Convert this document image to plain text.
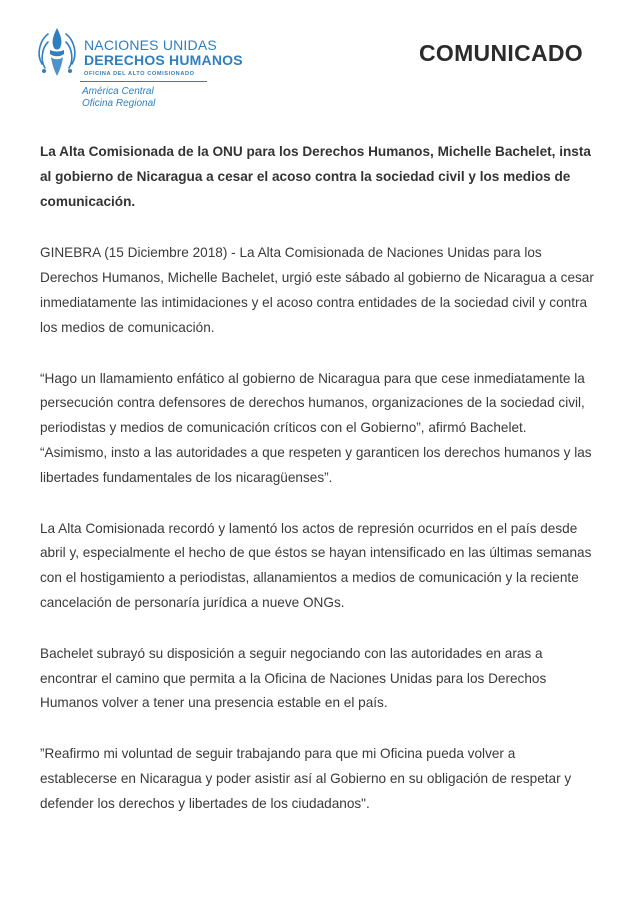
NACIONES UNIDAS
DERECHOS HUMANOS
OFICINA DEL ALTO COMISIONADO
América Central
Oficina Regional
COMUNICADO

La Alta Comisionada de la ONU para los Derechos Humanos, Michelle Bachelet, insta al gobierno de Nicaragua a cesar el acoso contra la sociedad civil y los medios de comunicación.

GINEBRA (15 Diciembre 2018) - La Alta Comisionada de Naciones Unidas para los Derechos Humanos, Michelle Bachelet, urgió este sábado al gobierno de Nicaragua a cesar inmediatamente las intimidaciones y el acoso contra entidades de la sociedad civil y contra los medios de comunicación.

“Hago un llamamiento enfático al gobierno de Nicaragua para que cese inmediatamente la persecución contra defensores de derechos humanos, organizaciones de la sociedad civil, periodistas y medios de comunicación críticos con el Gobierno”, afirmó Bachelet. “Asimismo, insto a las autoridades a que respeten y garanticen los derechos humanos y las libertades fundamentales de los nicaragüenses”.

La Alta Comisionada recordó y lamentó los actos de represión ocurridos en el país desde abril y, especialmente el hecho de que éstos se hayan intensificado en las últimas semanas con el hostigamiento a periodistas, allanamientos a medios de comunicación y la reciente cancelación de personaría jurídica a nueve ONGs.

Bachelet subrayó su disposición a seguir negociando con las autoridades en aras a encontrar el camino que permita a la Oficina de Naciones Unidas para los Derechos Humanos volver a tener una presencia estable en el país.

”Reafirmo mi voluntad de seguir trabajando para que mi Oficina pueda volver a establecerse en Nicaragua y poder asistir así al Gobierno en su obligación de respetar y defender los derechos y libertades de los ciudadanos".
